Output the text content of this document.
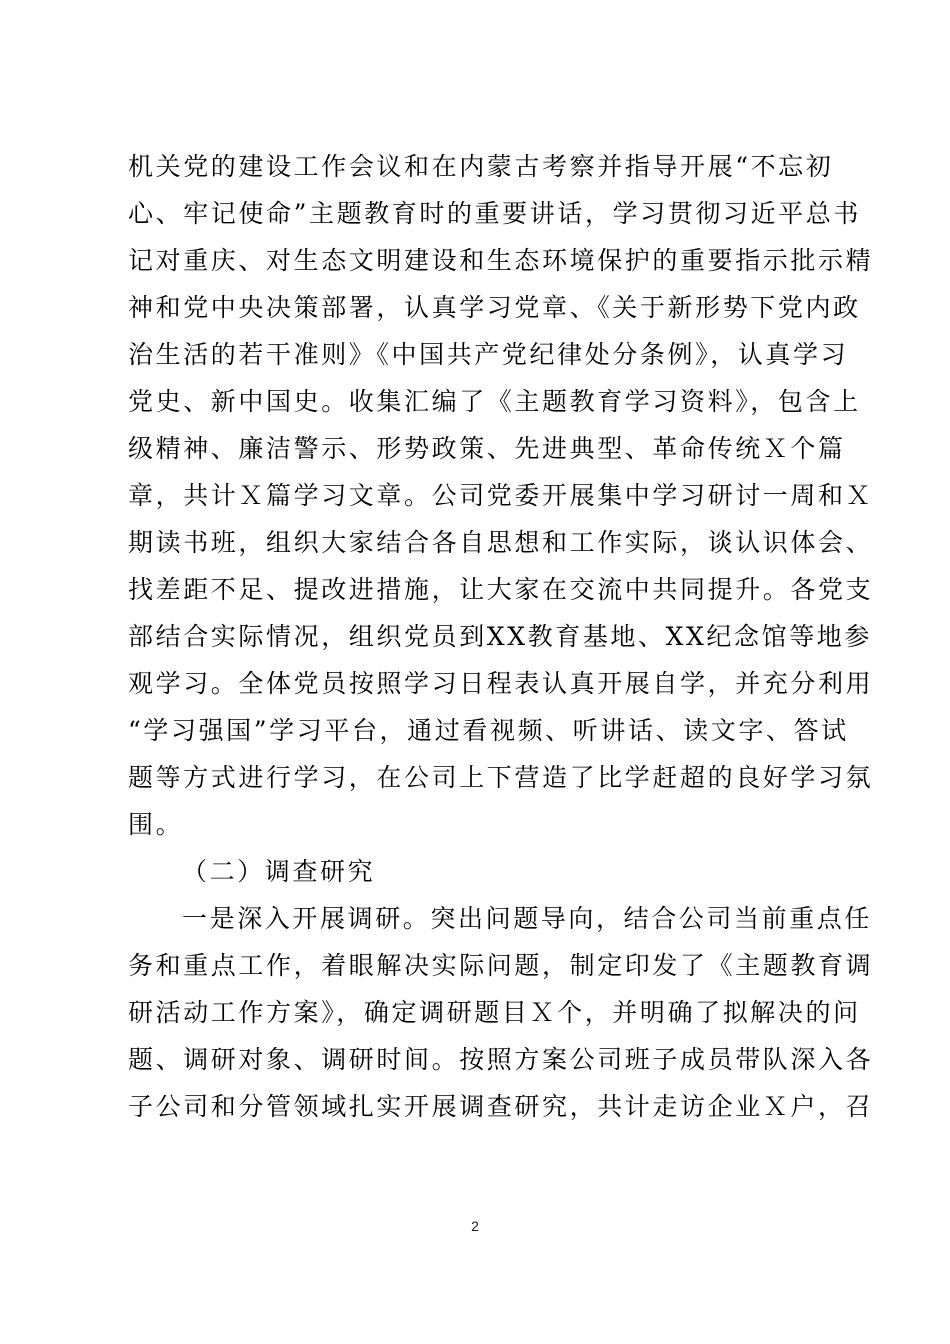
机关党的建设工作会议和在内蒙古考察并指导开展“不忘初
心、牢记使命”主题教育时的重要讲话，学习贯彻习近平总书
记对重庆、对生态文明建设和生态环境保护的重要指示批示精
神和党中央决策部署，认真学习党章、《关于新形势下党内政
治生活的若干准则》《中国共产党纪律处分条例》，认真学习
党史、新中国史。收集汇编了《主题教育学习资料》，包含上
级精神、廉洁警示、形势政策、先进典型、革命传统Ｘ个篇
章，共计Ｘ篇学习文章。公司党委开展集中学习研讨一周和Ｘ
期读书班，组织大家结合各自思想和工作实际，谈认识体会、
找差距不足、提改进措施，让大家在交流中共同提升。各党支
部结合实际情况，组织党员到XX教育基地、XX纪念馆等地参
观学习。全体党员按照学习日程表认真开展自学，并充分利用
“学习强国”学习平台，通过看视频、听讲话、读文字、答试
题等方式进行学习，在公司上下营造了比学赶超的良好学习氛
围。
（二）调查研究
一是深入开展调研。突出问题导向，结合公司当前重点任
务和重点工作，着眼解决实际问题，制定印发了《主题教育调
研活动工作方案》，确定调研题目Ｘ个，并明确了拟解决的问
题、调研对象、调研时间。按照方案公司班子成员带队深入各
子公司和分管领域扎实开展调查研究，共计走访企业Ｘ户，召
2
